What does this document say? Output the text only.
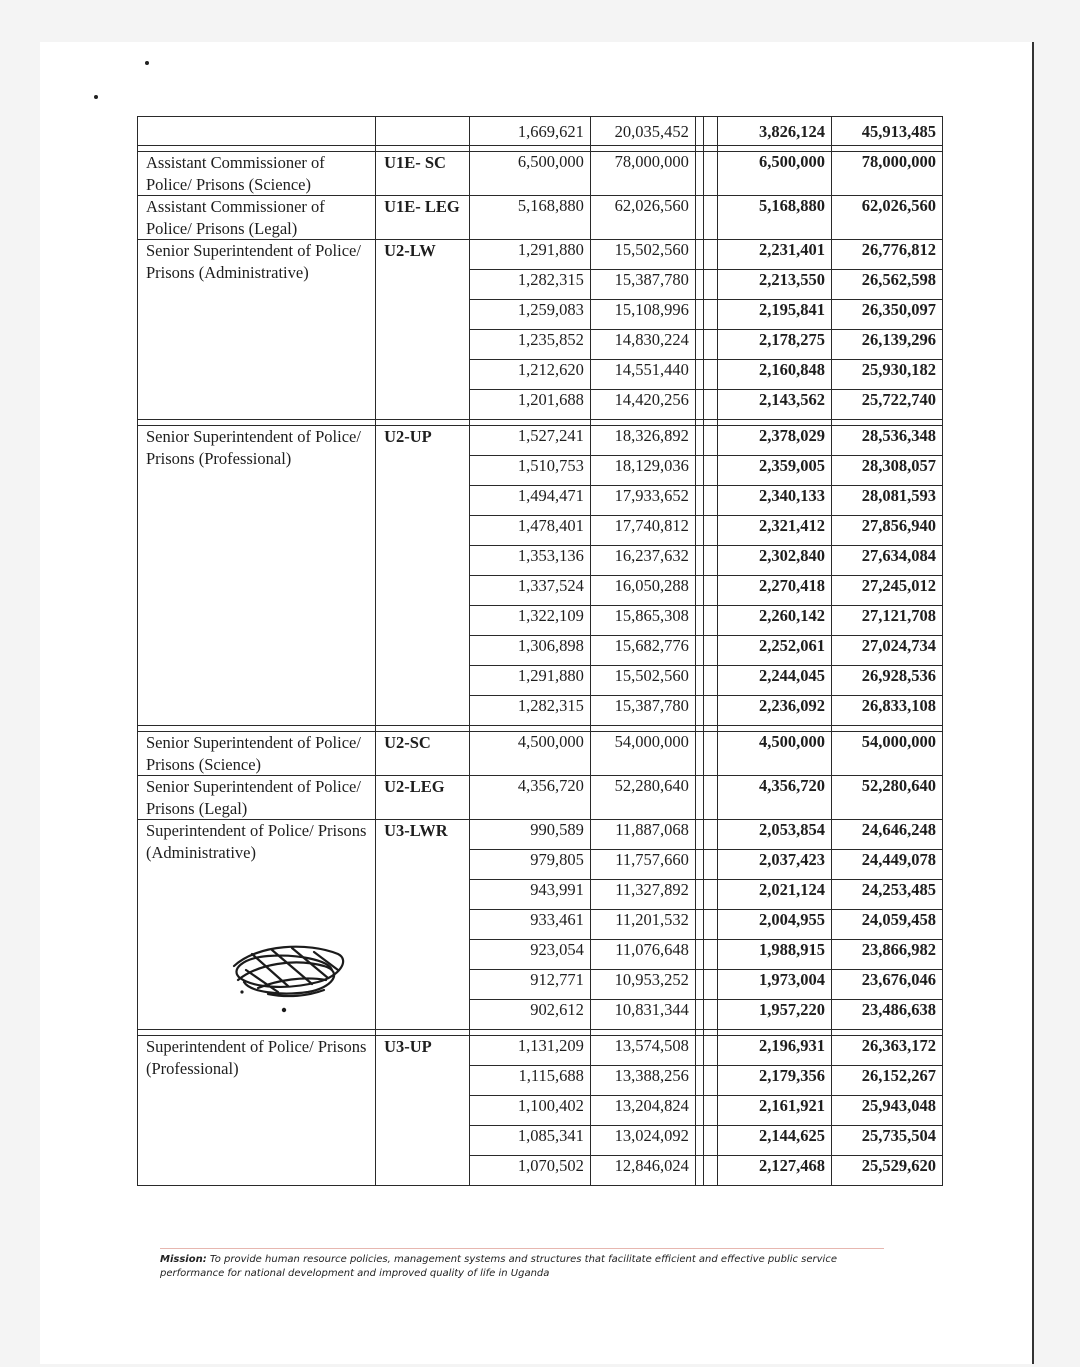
		1,669,621	20,035,452			3,826,124	45,913,485

Assistant Commissioner of Police/ Prisons (Science)	U1E- SC	6,500,000	78,000,000			6,500,000	78,000,000
Assistant Commissioner of Police/ Prisons (Legal)	U1E- LEG	5,168,880	62,026,560			5,168,880	62,026,560
Senior Superintendent of Police/ Prisons (Administrative)	U2-LW	1,291,880	15,502,560			2,231,401	26,776,812
		1,282,315	15,387,780			2,213,550	26,562,598
		1,259,083	15,108,996			2,195,841	26,350,097
		1,235,852	14,830,224			2,178,275	26,139,296
		1,212,620	14,551,440			2,160,848	25,930,182
		1,201,688	14,420,256			2,143,562	25,722,740

Senior Superintendent of Police/ Prisons (Professional)	U2-UP	1,527,241	18,326,892			2,378,029	28,536,348
		1,510,753	18,129,036			2,359,005	28,308,057
		1,494,471	17,933,652			2,340,133	28,081,593
		1,478,401	17,740,812			2,321,412	27,856,940
		1,353,136	16,237,632			2,302,840	27,634,084
		1,337,524	16,050,288			2,270,418	27,245,012
		1,322,109	15,865,308			2,260,142	27,121,708
		1,306,898	15,682,776			2,252,061	27,024,734
		1,291,880	15,502,560			2,244,045	26,928,536
		1,282,315	15,387,780			2,236,092	26,833,108

Senior Superintendent of Police/ Prisons (Science)	U2-SC	4,500,000	54,000,000			4,500,000	54,000,000
Senior Superintendent of Police/ Prisons (Legal)	U2-LEG	4,356,720	52,280,640			4,356,720	52,280,640
Superintendent of Police/ Prisons (Administrative)	U3-LWR	990,589	11,887,068			2,053,854	24,646,248
		979,805	11,757,660			2,037,423	24,449,078
		943,991	11,327,892			2,021,124	24,253,485
		933,461	11,201,532			2,004,955	24,059,458
		923,054	11,076,648			1,988,915	23,866,982
		912,771	10,953,252			1,973,004	23,676,046
		902,612	10,831,344			1,957,220	23,486,638

Superintendent of Police/ Prisons (Professional)	U3-UP	1,131,209	13,574,508			2,196,931	26,363,172
		1,115,688	13,388,256			2,179,356	26,152,267
		1,100,402	13,204,824			2,161,921	25,943,048
		1,085,341	13,024,092			2,144,625	25,735,504
		1,070,502	12,846,024			2,127,468	25,529,620
Mission: To provide human resource policies, management systems and structures that facilitate efficient and effective public service performance for national development and improved quality of life in Uganda
